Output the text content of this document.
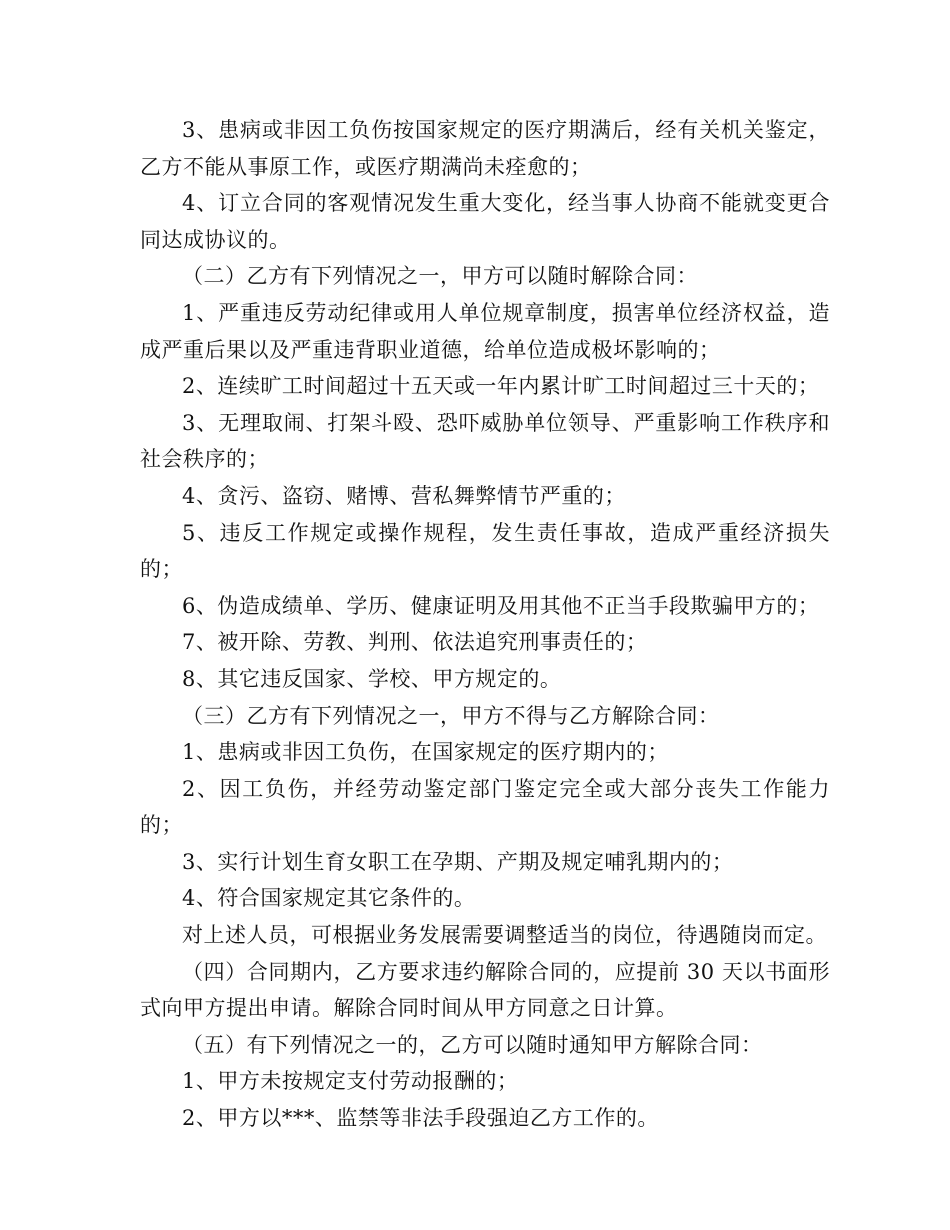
3、患病或非因工负伤按国家规定的医疗期满后，经有关机关鉴定，乙方不能从事原工作，或医疗期满尚未痊愈的；

4、订立合同的客观情况发生重大变化，经当事人协商不能就变更合同达成协议的。

（二）乙方有下列情况之一，甲方可以随时解除合同：

1、严重违反劳动纪律或用人单位规章制度，损害单位经济权益，造成严重后果以及严重违背职业道德，给单位造成极坏影响的；

2、连续旷工时间超过十五天或一年内累计旷工时间超过三十天的；

3、无理取闹、打架斗殴、恐吓威胁单位领导、严重影响工作秩序和社会秩序的；

4、贪污、盗窃、赌博、营私舞弊情节严重的；

5、违反工作规定或操作规程，发生责任事故，造成严重经济损失的；

6、伪造成绩单、学历、健康证明及用其他不正当手段欺骗甲方的；

7、被开除、劳教、判刑、依法追究刑事责任的；

8、其它违反国家、学校、甲方规定的。

（三）乙方有下列情况之一，甲方不得与乙方解除合同：

1、患病或非因工负伤，在国家规定的医疗期内的；

2、因工负伤，并经劳动鉴定部门鉴定完全或大部分丧失工作能力的；

3、实行计划生育女职工在孕期、产期及规定哺乳期内的；

4、符合国家规定其它条件的。

对上述人员，可根据业务发展需要调整适当的岗位，待遇随岗而定。

（四）合同期内，乙方要求违约解除合同的，应提前 30 天以书面形式向甲方提出申请。解除合同时间从甲方同意之日计算。

（五）有下列情况之一的，乙方可以随时通知甲方解除合同：

1、甲方未按规定支付劳动报酬的；

2、甲方以***、监禁等非法手段强迫乙方工作的。
